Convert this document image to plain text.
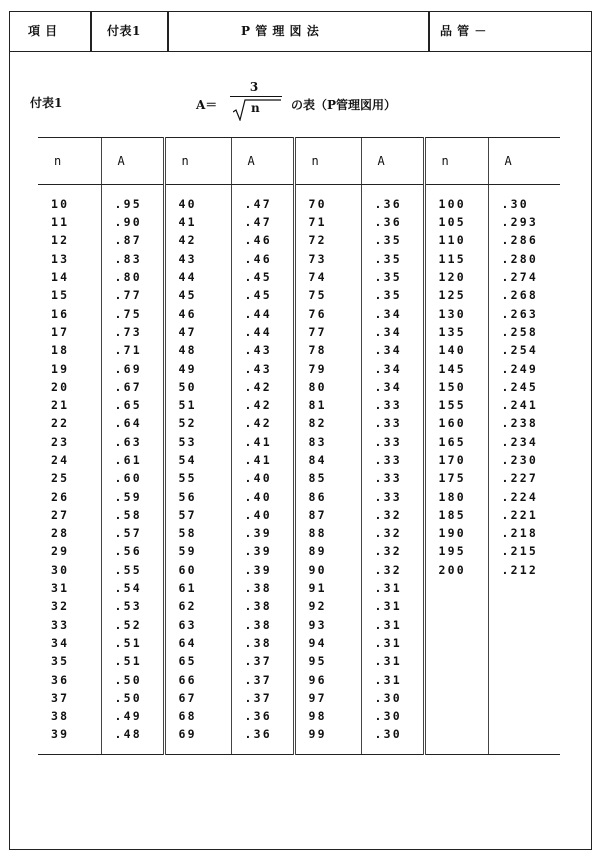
項 目	付表1	P 管 理 図 法	品 管 －
付表1	A＝
3
n	の表（P管理図用）
n	A	n	A	n	A	n	A
10	.95	40	.47	70	.36	100	.30
11	.90	41	.47	71	.36	105	.293
12	.87	42	.46	72	.35	110	.286
13	.83	43	.46	73	.35	115	.280
14	.80	44	.45	74	.35	120	.274
15	.77	45	.45	75	.35	125	.268
16	.75	46	.44	76	.34	130	.263
17	.73	47	.44	77	.34	135	.258
18	.71	48	.43	78	.34	140	.254
19	.69	49	.43	79	.34	145	.249
20	.67	50	.42	80	.34	150	.245
21	.65	51	.42	81	.33	155	.241
22	.64	52	.42	82	.33	160	.238
23	.63	53	.41	83	.33	165	.234
24	.61	54	.41	84	.33	170	.230
25	.60	55	.40	85	.33	175	.227
26	.59	56	.40	86	.33	180	.224
27	.58	57	.40	87	.32	185	.221
28	.57	58	.39	88	.32	190	.218
29	.56	59	.39	89	.32	195	.215
30	.55	60	.39	90	.32	200	.212
31	.54	61	.38	91	.31		
32	.53	62	.38	92	.31		
33	.52	63	.38	93	.31		
34	.51	64	.38	94	.31		
35	.51	65	.37	95	.31		
36	.50	66	.37	96	.31		
37	.50	67	.37	97	.30		
38	.49	68	.36	98	.30		
39	.48	69	.36	99	.30		
